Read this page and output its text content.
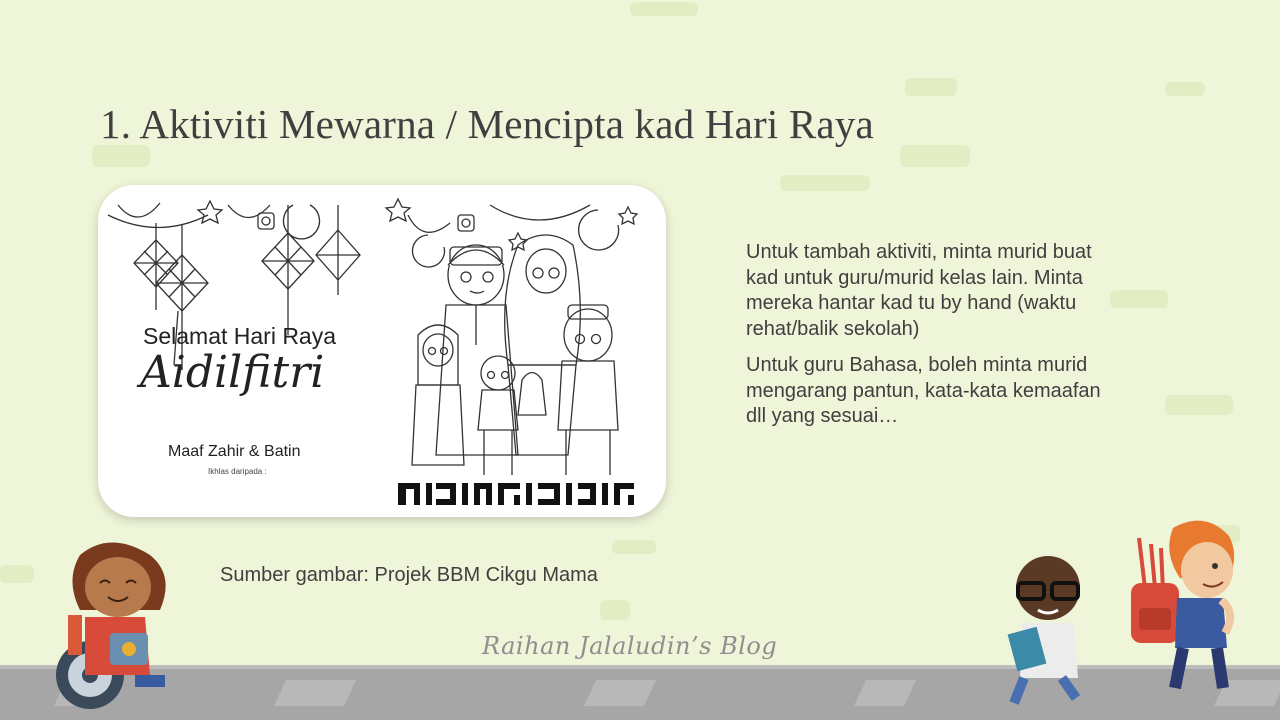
1. Aktiviti Mewarna / Mencipta kad Hari Raya
Selamat Hari Raya
Aidilfitri
Maaf Zahir & Batin
Ikhlas daripada :

Untuk tambah aktiviti, minta murid buat kad untuk guru/murid kelas lain. Minta mereka hantar kad tu by hand (waktu rehat/balik sekolah)

Untuk guru Bahasa, boleh minta murid mengarang pantun, kata-kata kemaafan dll yang sesuai…

Sumber gambar: Projek BBM Cikgu Mama
Raihan Jalaludin’s Blog
